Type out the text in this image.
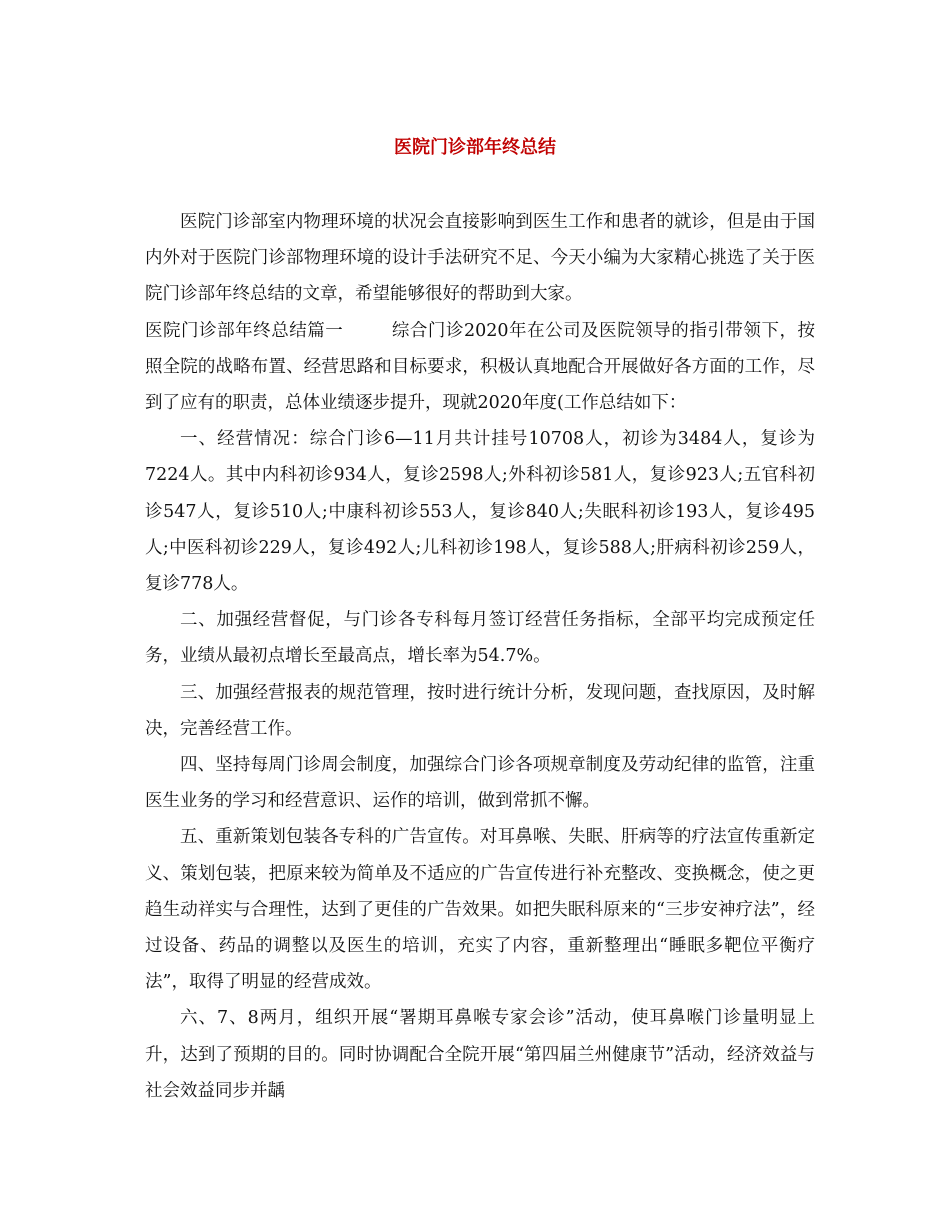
医院门诊部年终总结

医院门诊部室内物理环境的状况会直接影响到医生工作和患者的就诊，但是由于国内外对于医院门诊部物理环境的设计手法研究不足、今天小编为大家精心挑选了关于医院门诊部年终总结的文章，希望能够很好的帮助到大家。

医院门诊部年终总结篇一	综合门诊2020年在公司及医院领导的指引带领下，按照全院的战略布置、经营思路和目标要求，积极认真地配合开展做好各方面的工作，尽到了应有的职责，总体业绩逐步提升，现就2020年度(工作总结如下：

一、经营情况：综合门诊6—11月共计挂号10708人，初诊为3484人，复诊为7224人。其中内科初诊934人，复诊2598人;外科初诊581人，复诊923人;五官科初诊547人，复诊510人;中康科初诊553人，复诊840人;失眠科初诊193人，复诊495人;中医科初诊229人，复诊492人;儿科初诊198人，复诊588人;肝病科初诊259人，复诊778人。

二、加强经营督促，与门诊各专科每月签订经营任务指标，全部平均完成预定任务，业绩从最初点增长至最高点，增长率为54.7%。

三、加强经营报表的规范管理，按时进行统计分析，发现问题，查找原因，及时解决，完善经营工作。

四、坚持每周门诊周会制度，加强综合门诊各项规章制度及劳动纪律的监管，注重医生业务的学习和经营意识、运作的培训，做到常抓不懈。

五、重新策划包装各专科的广告宣传。对耳鼻喉、失眠、肝病等的疗法宣传重新定义、策划包装，把原来较为简单及不适应的广告宣传进行补充整改、变换概念，使之更趋生动祥实与合理性，达到了更佳的广告效果。如把失眠科原来的“三步安神疗法”，经过设备、药品的调整以及医生的培训，充实了内容，重新整理出“睡眠多靶位平衡疗法”，取得了明显的经营成效。

六、7、8两月，组织开展“署期耳鼻喉专家会诊”活动，使耳鼻喉门诊量明显上升，达到了预期的目的。同时协调配合全院开展“第四届兰州健康节”活动，经济效益与社会效益同步并龋
